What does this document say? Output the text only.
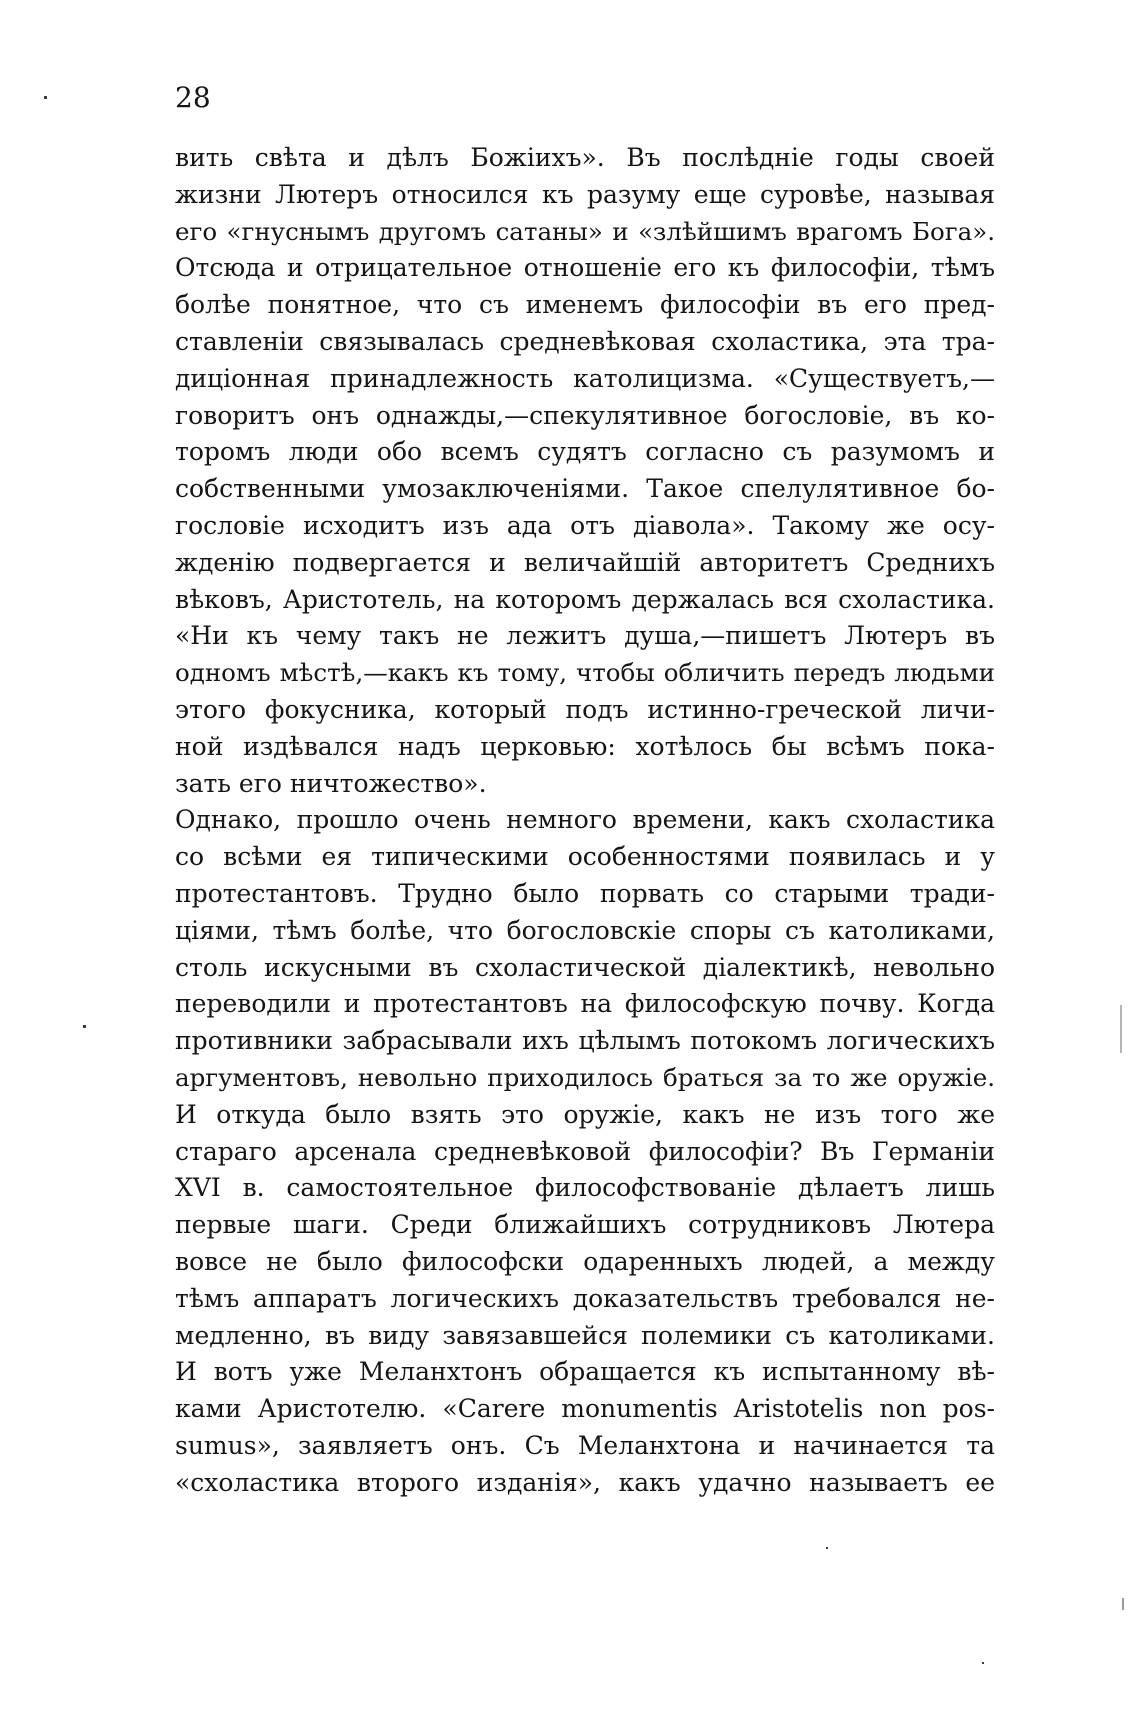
28
вить свѣта и дѣлъ Божіихъ». Въ послѣдніе годы своей
жизни Лютеръ относился къ разуму еще суровѣе, называя
его «гнуснымъ другомъ сатаны» и «злѣйшимъ врагомъ Бога».
Отсюда и отрицательное отношеніе его къ философіи, тѣмъ
болѣе понятное, что съ именемъ философіи въ его пред-
ставленіи связывалась средневѣковая схоластика, эта тра-
диціонная принадлежность католицизма. «Существуетъ,—
говоритъ онъ однажды,—спекулятивное богословіе, въ ко-
торомъ люди обо всемъ судятъ согласно съ разумомъ и
собственными умозаключеніями. Такое спелулятивное бо-
гословіе исходитъ изъ ада отъ діавола». Такому же осу-
жденію подвергается и величайшій авторитетъ Среднихъ
вѣковъ, Аристотель, на которомъ держалась вся схоластика.
«Ни къ чему такъ не лежитъ душа,—пишетъ Лютеръ въ
одномъ мѣстѣ,—какъ къ тому, чтобы обличить передъ людьми
этого фокусника, который подъ истинно-греческой личи-
ной издѣвался надъ церковью: хотѣлось бы всѣмъ пока-
зать его ничтожество».
Однако, прошло очень немного времени, какъ схоластика
со всѣми ея типическими особенностями появилась и у
протестантовъ. Трудно было порвать со старыми тради-
ціями, тѣмъ болѣе, что богословскіе споры съ католиками,
столь искусными въ схоластической діалектикѣ, невольно
переводили и протестантовъ на философскую почву. Когда
противники забрасывали ихъ цѣлымъ потокомъ логическихъ
аргументовъ, невольно приходилось браться за то же оружіе.
И откуда было взять это оружіе, какъ не изъ того же
стараго арсенала средневѣковой философіи? Въ Германіи
XVI в. самостоятельное философствованіе дѣлаетъ лишь
первые шаги. Среди ближайшихъ сотрудниковъ Лютера
вовсе не было философски одаренныхъ людей, а между
тѣмъ аппаратъ логическихъ доказательствъ требовался не-
медленно, въ виду завязавшейся полемики съ католиками.
И вотъ уже Меланхтонъ обращается къ испытанному вѣ-
ками Аристотелю. «Carere monumentis Aristotelis non pos-
sumus», заявляетъ онъ. Съ Меланхтона и начинается та
«схоластика второго изданія», какъ удачно называетъ ее
